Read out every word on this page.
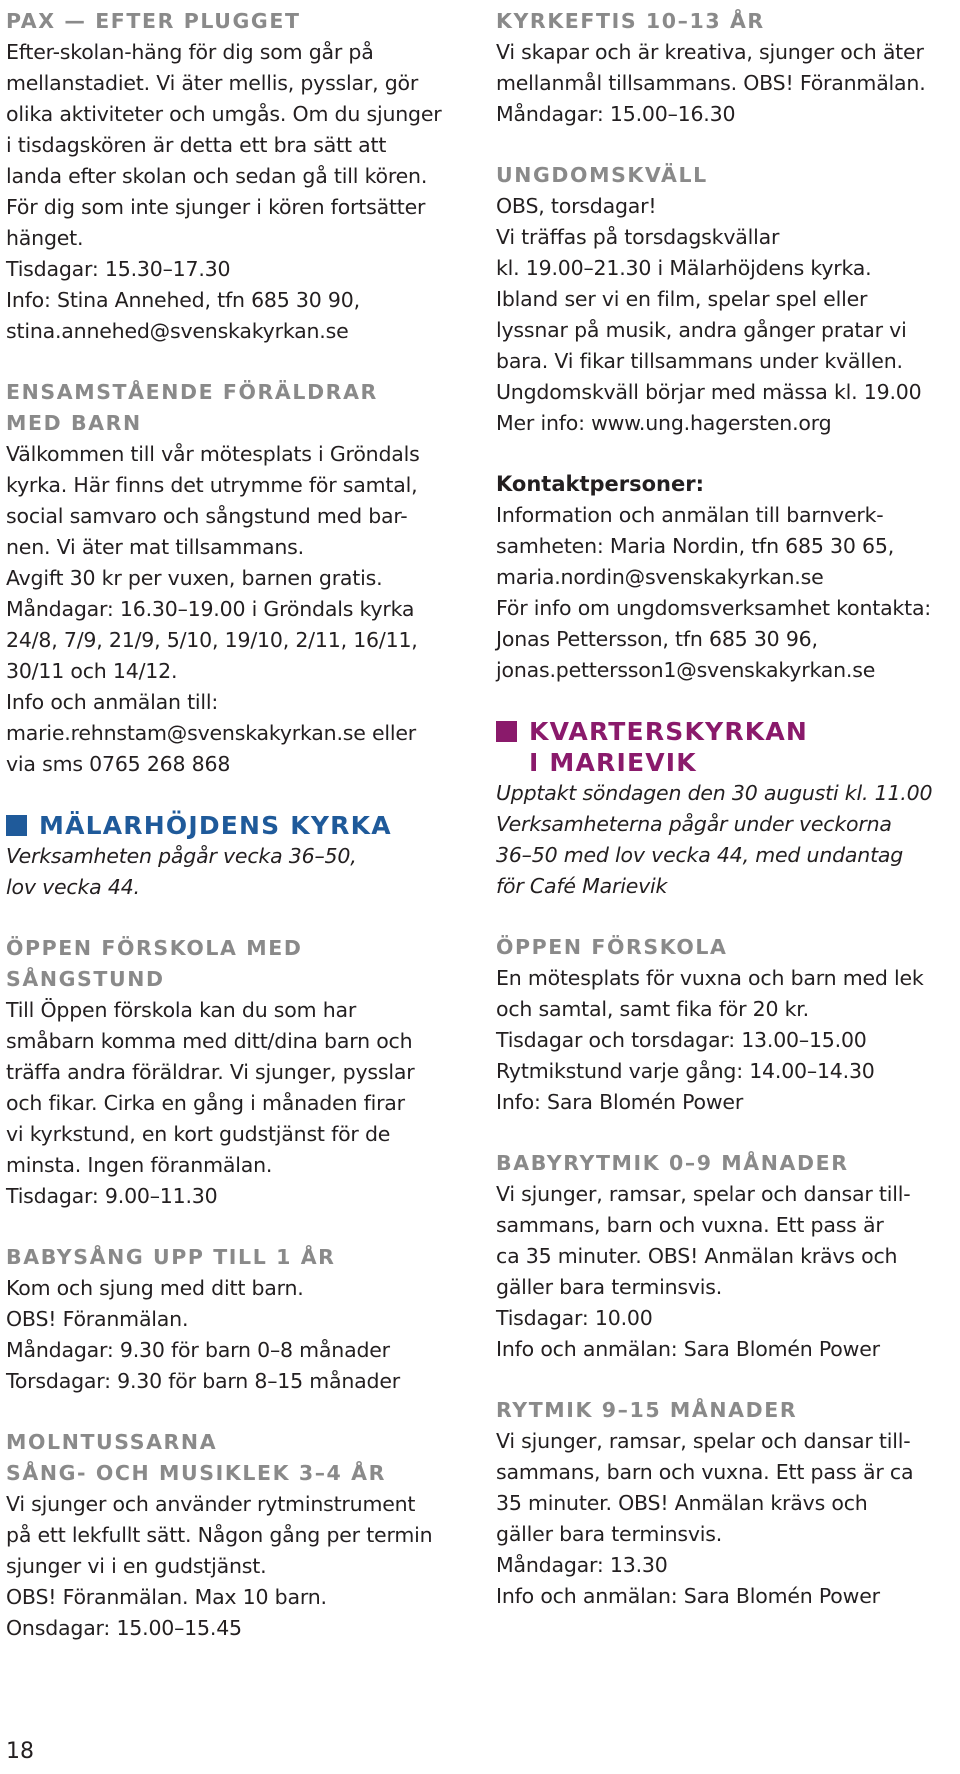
PAX — EFTER PLUGGET
Efter-skolan-häng för dig som går på
mellanstadiet. Vi äter mellis, pysslar, gör
olika aktiviteter och umgås. Om du sjunger
i tisdagskören är detta ett bra sätt att
landa efter skolan och sedan gå till kören.
För dig som inte sjunger i kören fortsätter
hänget.
Tisdagar: 15.30–17.30
Info: Stina Annehed, tfn 685 30 90,
stina.annehed@svenskakyrkan.se
ENSAMSTÅENDE FÖRÄLDRAR
MED BARN
Välkommen till vår mötesplats i Gröndals
kyrka. Här finns det utrymme för samtal,
social samvaro och sångstund med bar-
nen. Vi äter mat tillsammans.
Avgift 30 kr per vuxen, barnen gratis.
Måndagar: 16.30–19.00 i Gröndals kyrka
24/8, 7/9, 21/9, 5/10, 19/10, 2/11, 16/11,
30/11 och 14/12.
Info och anmälan till:
marie.rehnstam@svenskakyrkan.se eller
via sms 0765 268 868
MÄLARHÖJDENS KYRKA
Verksamheten pågår vecka 36–50,
lov vecka 44.
ÖPPEN FÖRSKOLA MED
SÅNGSTUND
Till Öppen förskola kan du som har
småbarn komma med ditt/dina barn och
träffa andra föräldrar. Vi sjunger, pysslar
och fikar. Cirka en gång i månaden firar
vi kyrkstund, en kort gudstjänst för de
minsta. Ingen föranmälan.
Tisdagar: 9.00–11.30
BABYSÅNG UPP TILL 1 ÅR
Kom och sjung med ditt barn.
OBS! Föranmälan.
Måndagar: 9.30 för barn 0–8 månader
Torsdagar: 9.30 för barn 8–15 månader
MOLNTUSSARNA
SÅNG- OCH MUSIKLEK 3–4 ÅR
Vi sjunger och använder rytminstrument
på ett lekfullt sätt. Någon gång per termin
sjunger vi i en gudstjänst.
OBS! Föranmälan. Max 10 barn.
Onsdagar: 15.00–15.45
KYRKEFTIS 10–13 ÅR
Vi skapar och är kreativa, sjunger och äter
mellanmål tillsammans. OBS! Föranmälan.
Måndagar: 15.00–16.30
UNGDOMSKVÄLL
OBS, torsdagar!
Vi träffas på torsdagskvällar
kl. 19.00–21.30 i Mälarhöjdens kyrka.
Ibland ser vi en film, spelar spel eller
lyssnar på musik, andra gånger pratar vi
bara. Vi fikar tillsammans under kvällen.
Ungdomskväll börjar med mässa kl. 19.00
Mer info: www.ung.hagersten.org
Kontaktpersoner:
Information och anmälan till barnverk-
samheten: Maria Nordin, tfn 685 30 65,
maria.nordin@svenskakyrkan.se
För info om ungdomsverksamhet kontakta:
Jonas Pettersson, tfn 685 30 96,
jonas.pettersson1@svenskakyrkan.se
KVARTERSKYRKAN
I MARIEVIK
Upptakt söndagen den 30 augusti kl. 11.00
Verksamheterna pågår under veckorna
36–50 med lov vecka 44, med undantag
för Café Marievik
ÖPPEN FÖRSKOLA
En mötesplats för vuxna och barn med lek
och samtal, samt fika för 20 kr.
Tisdagar och torsdagar: 13.00–15.00
Rytmikstund varje gång: 14.00–14.30
Info: Sara Blomén Power
BABYRYTMIK 0–9 MÅNADER
Vi sjunger, ramsar, spelar och dansar till-
sammans, barn och vuxna. Ett pass är
ca 35 minuter. OBS! Anmälan krävs och
gäller bara terminsvis.
Tisdagar: 10.00
Info och anmälan: Sara Blomén Power
RYTMIK 9–15 MÅNADER
Vi sjunger, ramsar, spelar och dansar till-
sammans, barn och vuxna. Ett pass är ca
35 minuter. OBS! Anmälan krävs och
gäller bara terminsvis.
Måndagar: 13.30
Info och anmälan: Sara Blomén Power
18
